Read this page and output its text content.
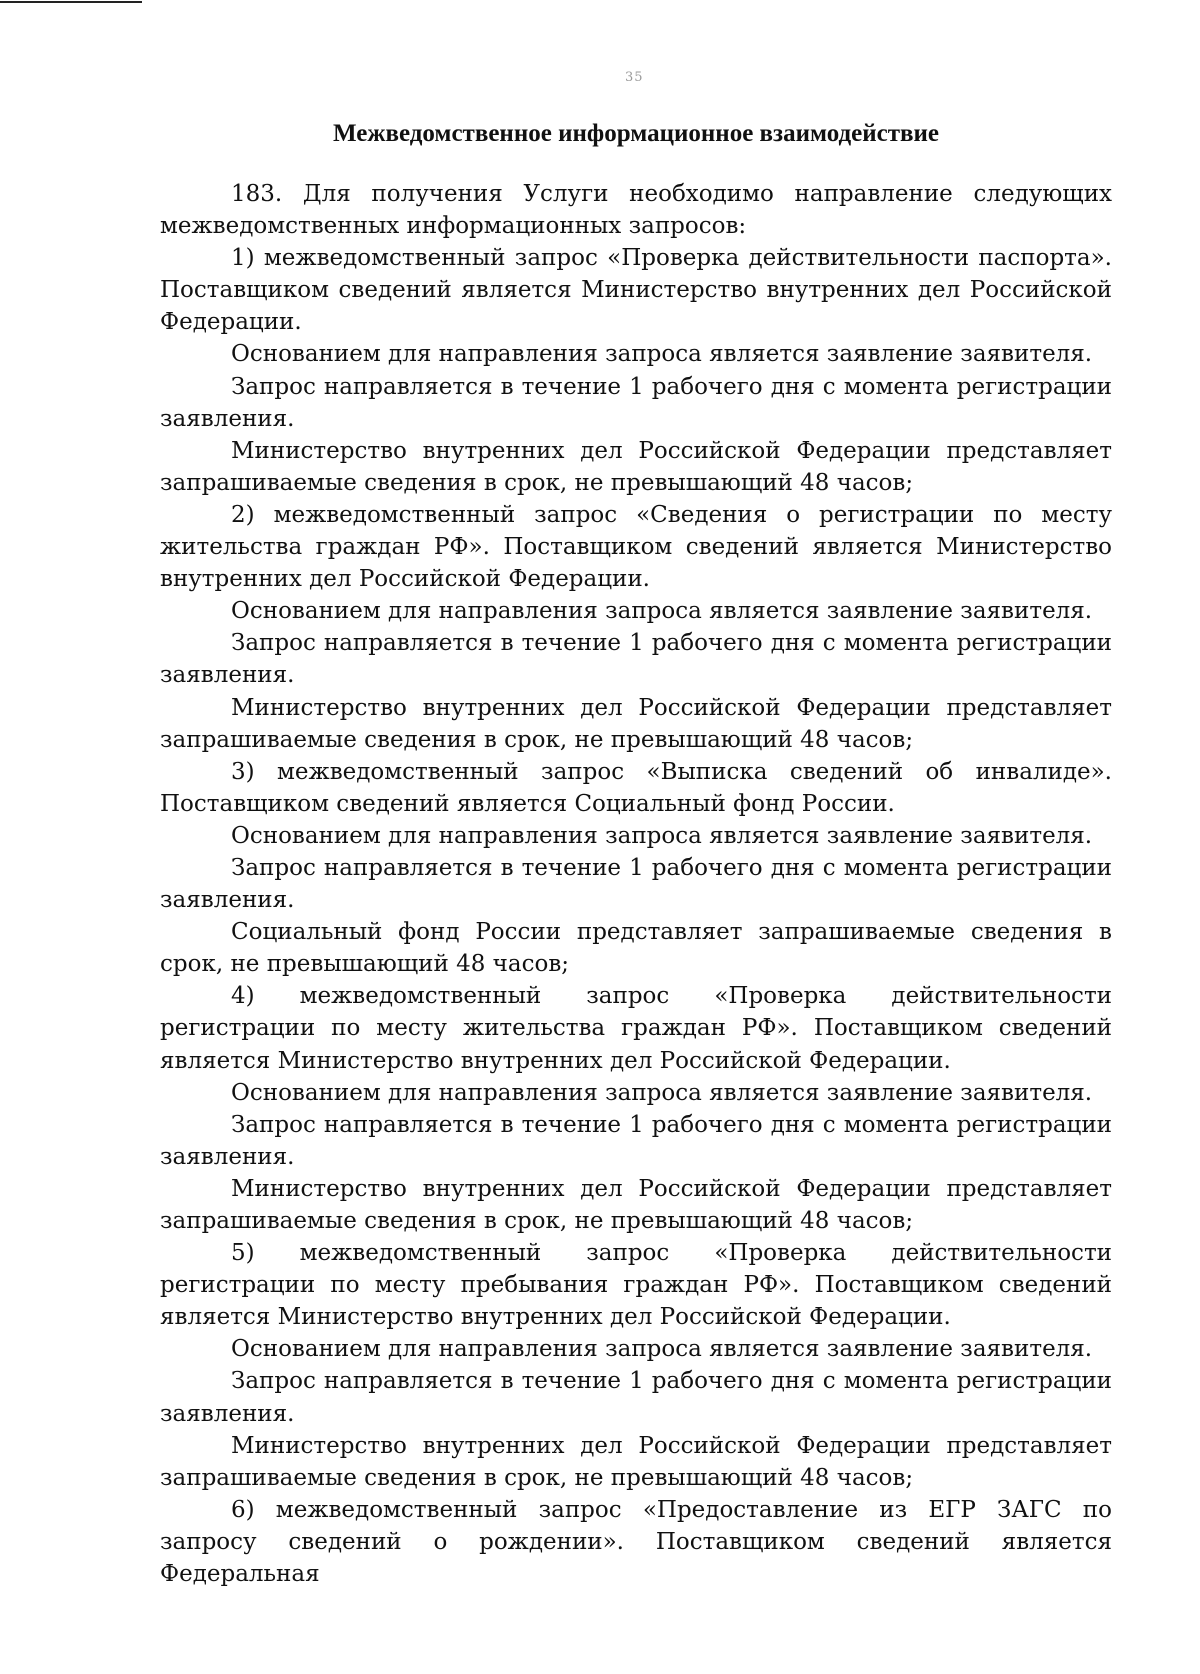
35
Межведомственное информационное взаимодействие

183. Для получения Услуги необходимо направление следующих межведомственных информационных запросов:

1) межведомственный запрос «Проверка действительности паспорта». Поставщиком сведений является Министерство внутренних дел Российской Федерации.

Основанием для направления запроса является заявление заявителя.

Запрос направляется в течение 1 рабочего дня с момента регистрации заявления.

Министерство внутренних дел Российской Федерации представляет запрашиваемые сведения в срок, не превышающий 48 часов;

2) межведомственный запрос «Сведения о регистрации по месту жительства граждан РФ». Поставщиком сведений является Министерство внутренних дел Российской Федерации.

Основанием для направления запроса является заявление заявителя.

Запрос направляется в течение 1 рабочего дня с момента регистрации заявления.

Министерство внутренних дел Российской Федерации представляет запрашиваемые сведения в срок, не превышающий 48 часов;

3) межведомственный запрос «Выписка сведений об инвалиде». Поставщиком сведений является Социальный фонд России.

Основанием для направления запроса является заявление заявителя.

Запрос направляется в течение 1 рабочего дня с момента регистрации заявления.

Социальный фонд России представляет запрашиваемые сведения в срок, не превышающий 48 часов;

4) межведомственный запрос «Проверка действительности регистрации по месту жительства граждан РФ». Поставщиком сведений является Министерство внутренних дел Российской Федерации.

Основанием для направления запроса является заявление заявителя.

Запрос направляется в течение 1 рабочего дня с момента регистрации заявления.

Министерство внутренних дел Российской Федерации представляет запрашиваемые сведения в срок, не превышающий 48 часов;

5) межведомственный запрос «Проверка действительности регистрации по месту пребывания граждан РФ». Поставщиком сведений является Министерство внутренних дел Российской Федерации.

Основанием для направления запроса является заявление заявителя.

Запрос направляется в течение 1 рабочего дня с момента регистрации заявления.

Министерство внутренних дел Российской Федерации представляет запрашиваемые сведения в срок, не превышающий 48 часов;

6) межведомственный запрос «Предоставление из ЕГР ЗАГС по запросу сведений о рождении». Поставщиком сведений является Федеральная
